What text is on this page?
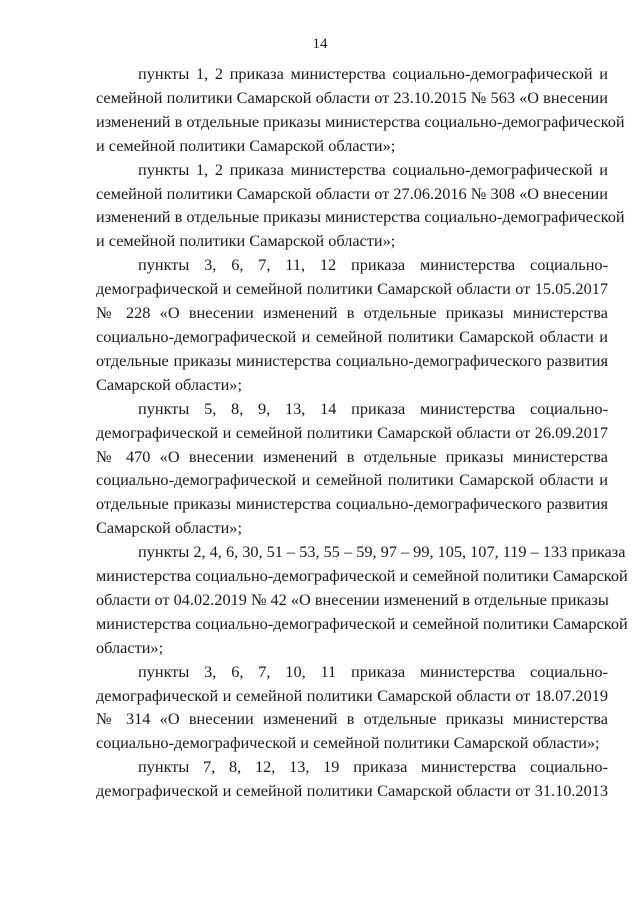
14
пункты 1, 2 приказа министерства социально-демографической и
семейной политики Самарской области от 23.10.2015 № 563 «О внесении
изменений в отдельные приказы министерства социально-демографической
и семейной политики Самарской области»;
пункты 1, 2 приказа министерства социально-демографической и
семейной политики Самарской области от 27.06.2016 № 308 «О внесении
изменений в отдельные приказы министерства социально-демографической
и семейной политики Самарской области»;
пункты 3, 6, 7, 11, 12 приказа министерства социально-
демографической и семейной политики Самарской области от 15.05.2017
№ 228 «О внесении изменений в отдельные приказы министерства
социально-демографической и семейной политики Самарской области и
отдельные приказы министерства социально-демографического развития
Самарской области»;
пункты 5, 8, 9, 13, 14 приказа министерства социально-
демографической и семейной политики Самарской области от 26.09.2017
№ 470 «О внесении изменений в отдельные приказы министерства
социально-демографической и семейной политики Самарской области и
отдельные приказы министерства социально-демографического развития
Самарской области»;
пункты 2, 4, 6, 30, 51 – 53, 55 – 59, 97 – 99, 105, 107, 119 – 133 приказа
министерства социально-демографической и семейной политики Самарской
области от 04.02.2019 № 42 «О внесении изменений в отдельные приказы
министерства социально-демографической и семейной политики Самарской
области»;
пункты 3, 6, 7, 10, 11 приказа министерства социально-
демографической и семейной политики Самарской области от 18.07.2019
№ 314 «О внесении изменений в отдельные приказы министерства
социально-демографической и семейной политики Самарской области»;
пункты 7, 8, 12, 13, 19 приказа министерства социально-
демографической и семейной политики Самарской области от 31.10.2013
